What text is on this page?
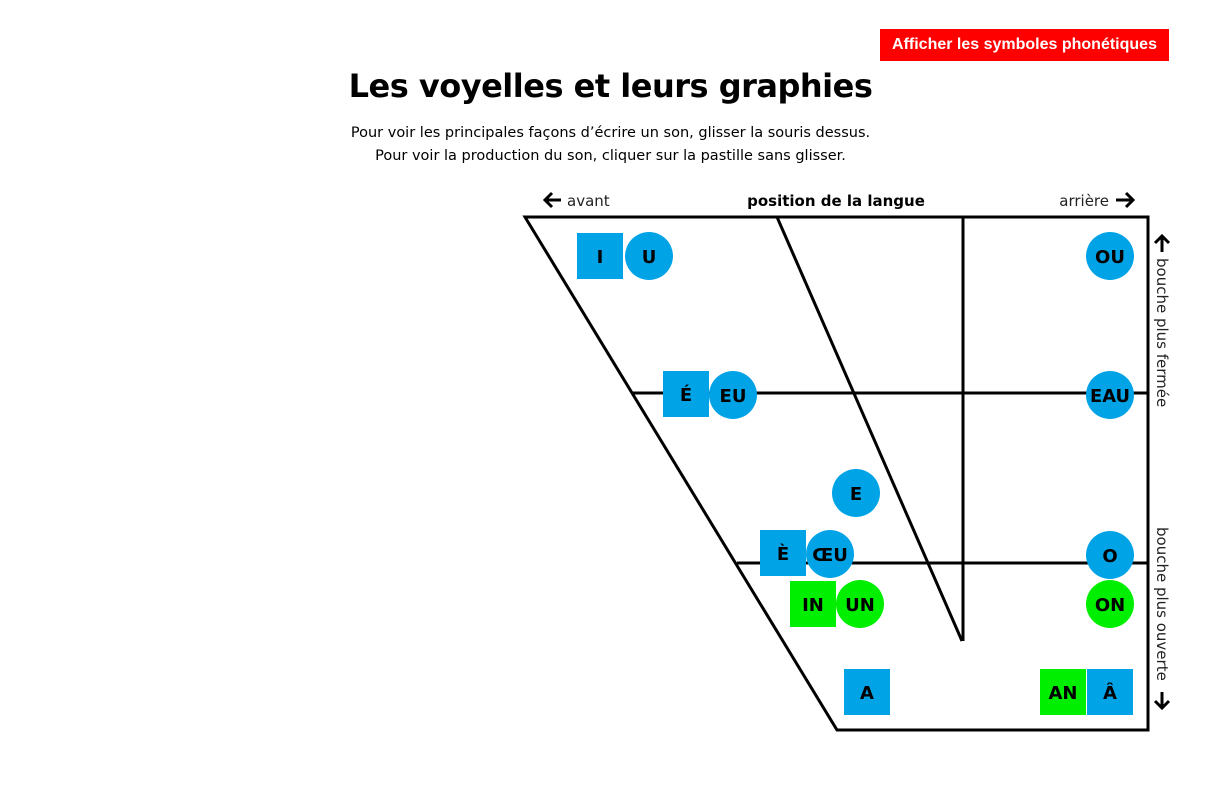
Afficher les symboles phonétiques
Les voyelles et leurs graphies
Pour voir les principales façons d’écrire un son, glisser la souris dessus.
Pour voir la production du son, cliquer sur la pastille sans glisser.
avant	position de la langue	arrière
bouche plus fermée
bouche plus ouverte
I U	OU
É EU	EAU
E
È ŒU	O
IN UN	ON
A	AN Â
